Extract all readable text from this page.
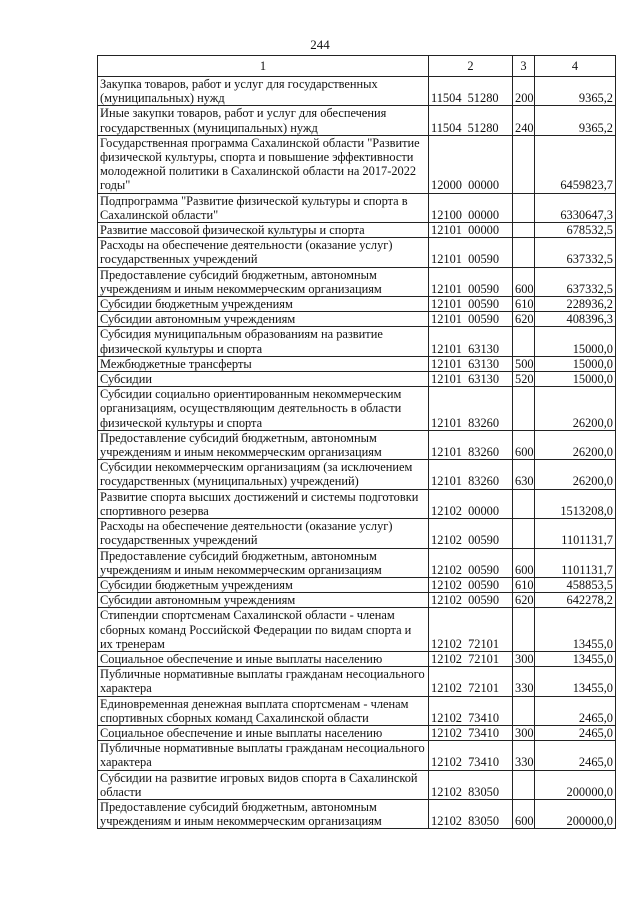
244
1	2	3	4
Закупка товаров, работ и услуг для государственных (муниципальных) нужд	11504 51280	200	9365,2
Иные закупки товаров, работ и услуг для обеспечения государственных (муниципальных) нужд	11504 51280	240	9365,2
Государственная программа Сахалинской области "Развитие физической культуры, спорта и повышение эффективности молодежной политики в Сахалинской области на 2017-2022 годы"	12000 00000		6459823,7
Подпрограмма "Развитие физической культуры и спорта в Сахалинской области"	12100 00000		6330647,3
Развитие массовой физической культуры и спорта	12101 00000		678532,5
Расходы на обеспечение деятельности (оказание услуг) государственных учреждений	12101 00590		637332,5
Предоставление субсидий бюджетным, автономным учреждениям и иным некоммерческим организациям	12101 00590	600	637332,5
Субсидии бюджетным учреждениям	12101 00590	610	228936,2
Субсидии автономным учреждениям	12101 00590	620	408396,3
Субсидия муниципальным образованиям на развитие физической культуры и спорта	12101 63130		15000,0
Межбюджетные трансферты	12101 63130	500	15000,0
Субсидии	12101 63130	520	15000,0
Субсидии социально ориентированным некоммерческим организациям, осуществляющим деятельность в области физической культуры и спорта	12101 83260		26200,0
Предоставление субсидий бюджетным, автономным учреждениям и иным некоммерческим организациям	12101 83260	600	26200,0
Субсидии некоммерческим организациям (за исключением государственных (муниципальных) учреждений)	12101 83260	630	26200,0
Развитие спорта высших достижений и системы подготовки спортивного резерва	12102 00000		1513208,0
Расходы на обеспечение деятельности (оказание услуг) государственных учреждений	12102 00590		1101131,7
Предоставление субсидий бюджетным, автономным учреждениям и иным некоммерческим организациям	12102 00590	600	1101131,7
Субсидии бюджетным учреждениям	12102 00590	610	458853,5
Субсидии автономным учреждениям	12102 00590	620	642278,2
Стипендии спортсменам Сахалинской области - членам сборных команд Российской Федерации по видам спорта и их тренерам	12102 72101		13455,0
Социальное обеспечение и иные выплаты населению	12102 72101	300	13455,0
Публичные нормативные выплаты гражданам несоциального характера	12102 72101	330	13455,0
Единовременная денежная выплата спортсменам - членам спортивных сборных команд Сахалинской области	12102 73410		2465,0
Социальное обеспечение и иные выплаты населению	12102 73410	300	2465,0
Публичные нормативные выплаты гражданам несоциального характера	12102 73410	330	2465,0
Субсидии на развитие игровых видов спорта в Сахалинской области	12102 83050		200000,0
Предоставление субсидий бюджетным, автономным учреждениям и иным некоммерческим организациям	12102 83050	600	200000,0
